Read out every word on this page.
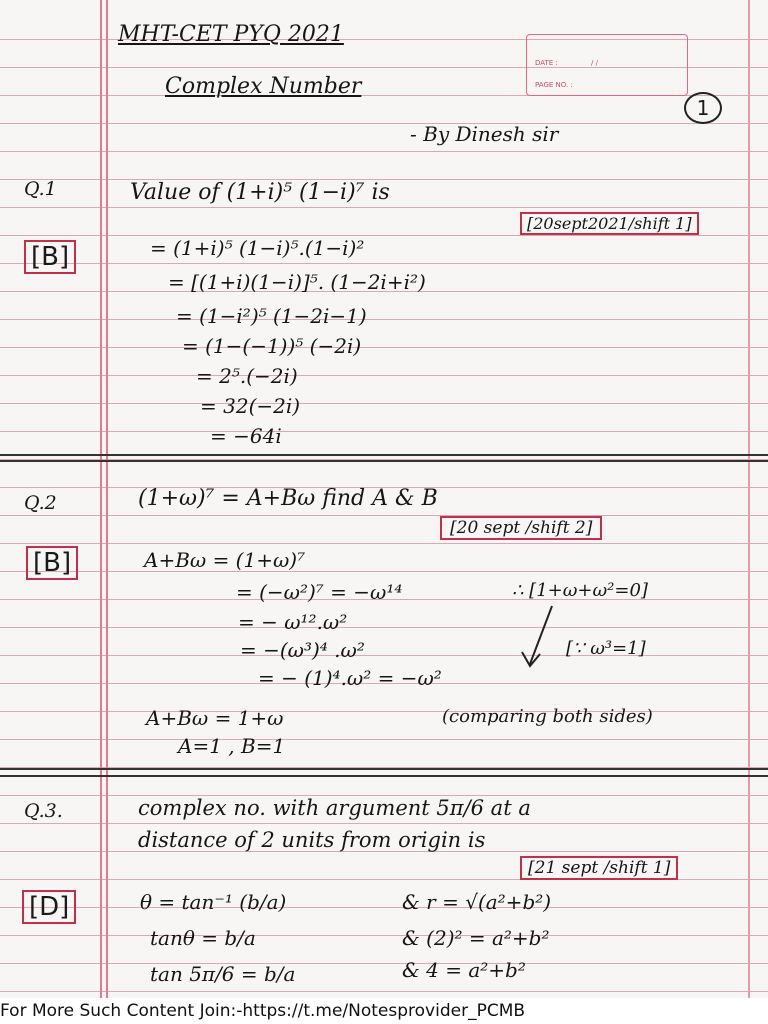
MHT-CET PYQ 2021
Complex Number
- By Dinesh sir
1
DATE :	/ /
PAGE NO. :
Q.1	Value of (1+i)⁵ (1−i)⁷ is
[20sept2021/shift 1]
[B]	= (1+i)⁵ (1−i)⁵.(1−i)²
= [(1+i)(1−i)]⁵. (1−2i+i²)
= (1−i²)⁵ (1−2i−1)
= (1−(−1))⁵ (−2i)
= 2⁵.(−2i)
= 32(−2i)
= −64i
Q.2	(1+ω)⁷ = A+Bω find A & B
[20 sept /shift 2]
[B]	A+Bω = (1+ω)⁷
= (−ω²)⁷ = −ω¹⁴
= − ω¹².ω²
= −(ω³)⁴ .ω²
= − (1)⁴.ω² = −ω²
∴ [1+ω+ω²=0]
[∵ ω³=1]
A+Bω = 1+ω	(comparing both sides)
A=1 , B=1
Q.3.	complex no. with argument 5π/6 at a
distance of 2 units from origin is
[21 sept /shift 1]
[D]	θ = tan⁻¹ (b/a)
tanθ = b/a
tan 5π/6 = b/a
& r = √(a²+b²)
& (2)² = a²+b²
& 4 = a²+b²
For More Such Content Join:-https://t.me/Notesprovider_PCMB
